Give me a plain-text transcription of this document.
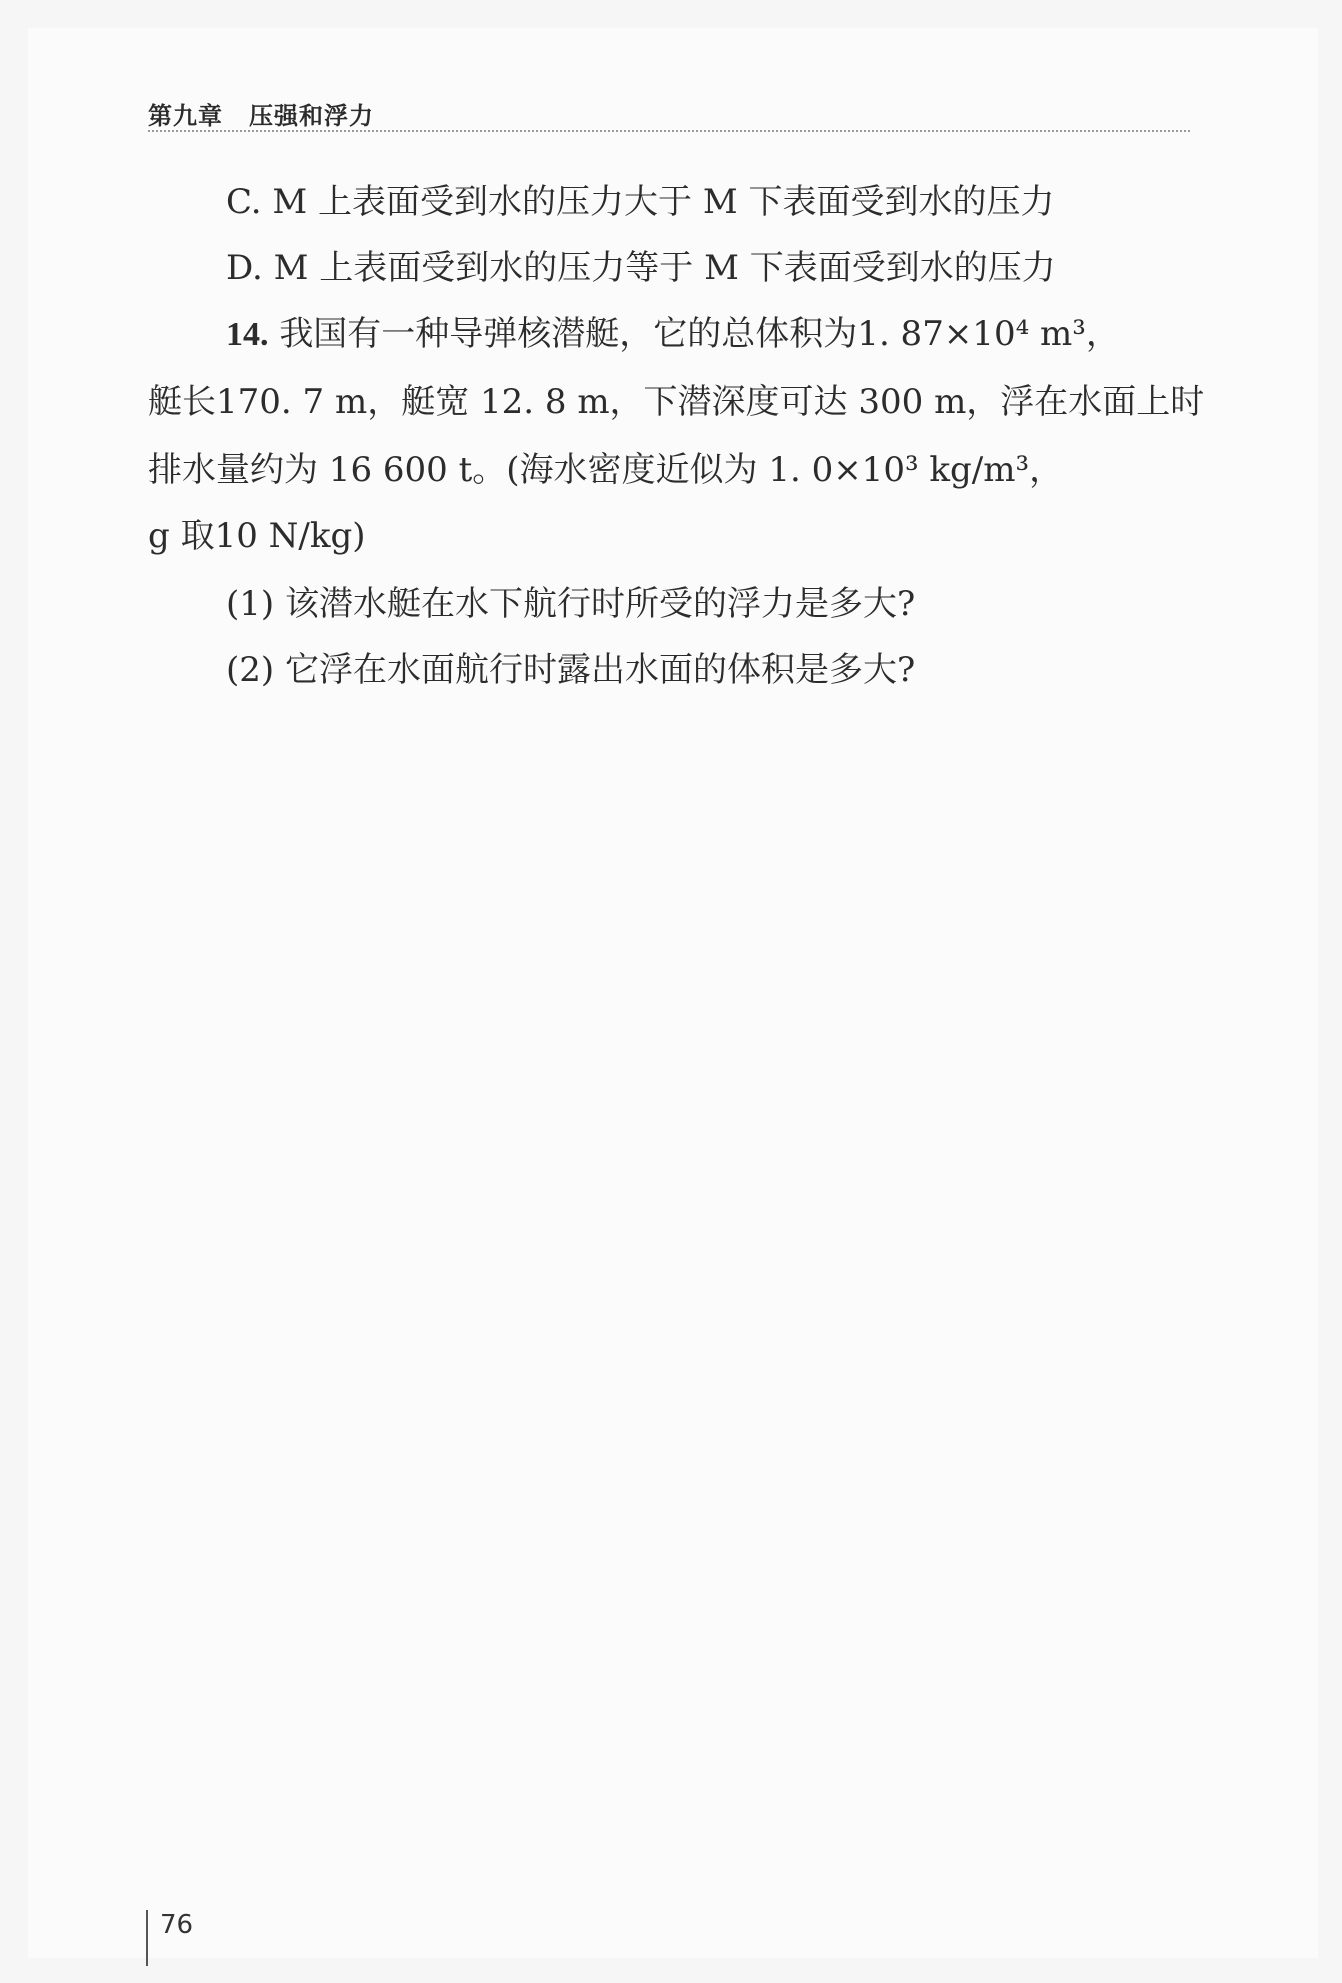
第九章 压强和浮力
C. M 上表面受到水的压力大于 M 下表面受到水的压力
D. M 上表面受到水的压力等于 M 下表面受到水的压力
14. 我国有一种导弹核潜艇，它的总体积为1. 87×10⁴ m³，
艇长170. 7 m，艇宽 12. 8 m，下潜深度可达 300 m，浮在水面上时
排水量约为 16 600 t。(海水密度近似为 1. 0×10³ kg/m³，
g 取10 N/kg)
(1) 该潜水艇在水下航行时所受的浮力是多大?
(2) 它浮在水面航行时露出水面的体积是多大?
76
